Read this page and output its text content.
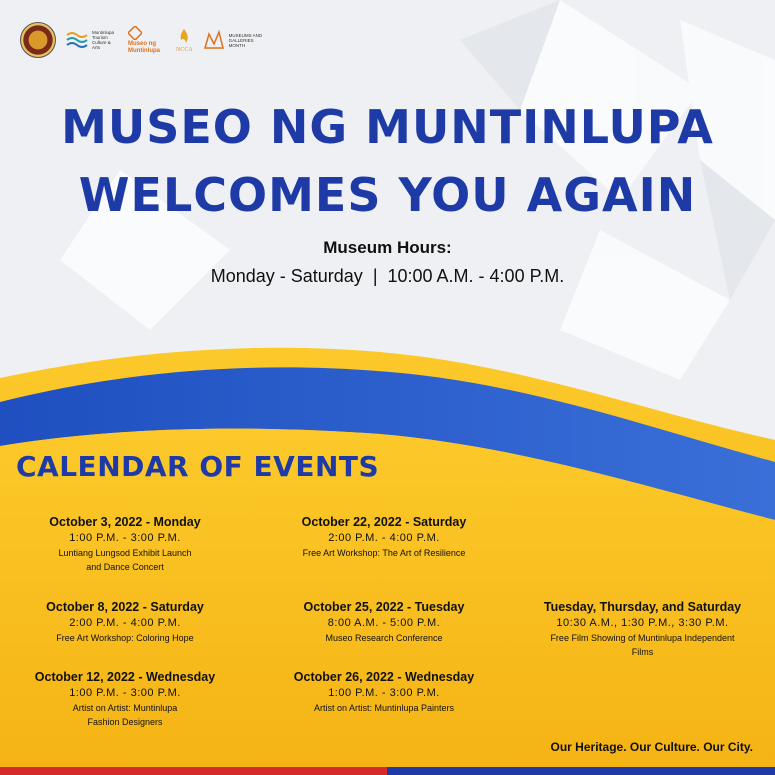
Muntinlupa Tourism Culture & Arts
Museo ng Muntinlupa	NCCA
MUSEUMS AND GALLERIES MONTH
MUSEO NG MUNTINLUPA
WELCOMES YOU AGAIN
Museum Hours:
Monday - Saturday | 10:00 A.M. - 4:00 P.M.
CALENDAR OF EVENTS
October 3, 2022 - Monday
1:00 P.M. - 3:00 P.M.
Luntiang Lungsod Exhibit Launch
and Dance Concert
October 8, 2022 - Saturday
2:00 P.M. - 4:00 P.M.
Free Art Workshop: Coloring Hope
October 12, 2022 - Wednesday
1:00 P.M. - 3:00 P.M.
Artist on Artist: Muntinlupa
Fashion Designers
October 22, 2022 - Saturday
2:00 P.M. - 4:00 P.M.
Free Art Workshop: The Art of Resilience
October 25, 2022 - Tuesday
8:00 A.M. - 5:00 P.M.
Museo Research Conference
October 26, 2022 - Wednesday
1:00 P.M. - 3:00 P.M.
Artist on Artist: Muntinlupa Painters
Tuesday, Thursday, and Saturday
10:30 A.M., 1:30 P.M., 3:30 P.M.
Free Film Showing of Muntinlupa Independent
Films
Our Heritage. Our Culture. Our City.
